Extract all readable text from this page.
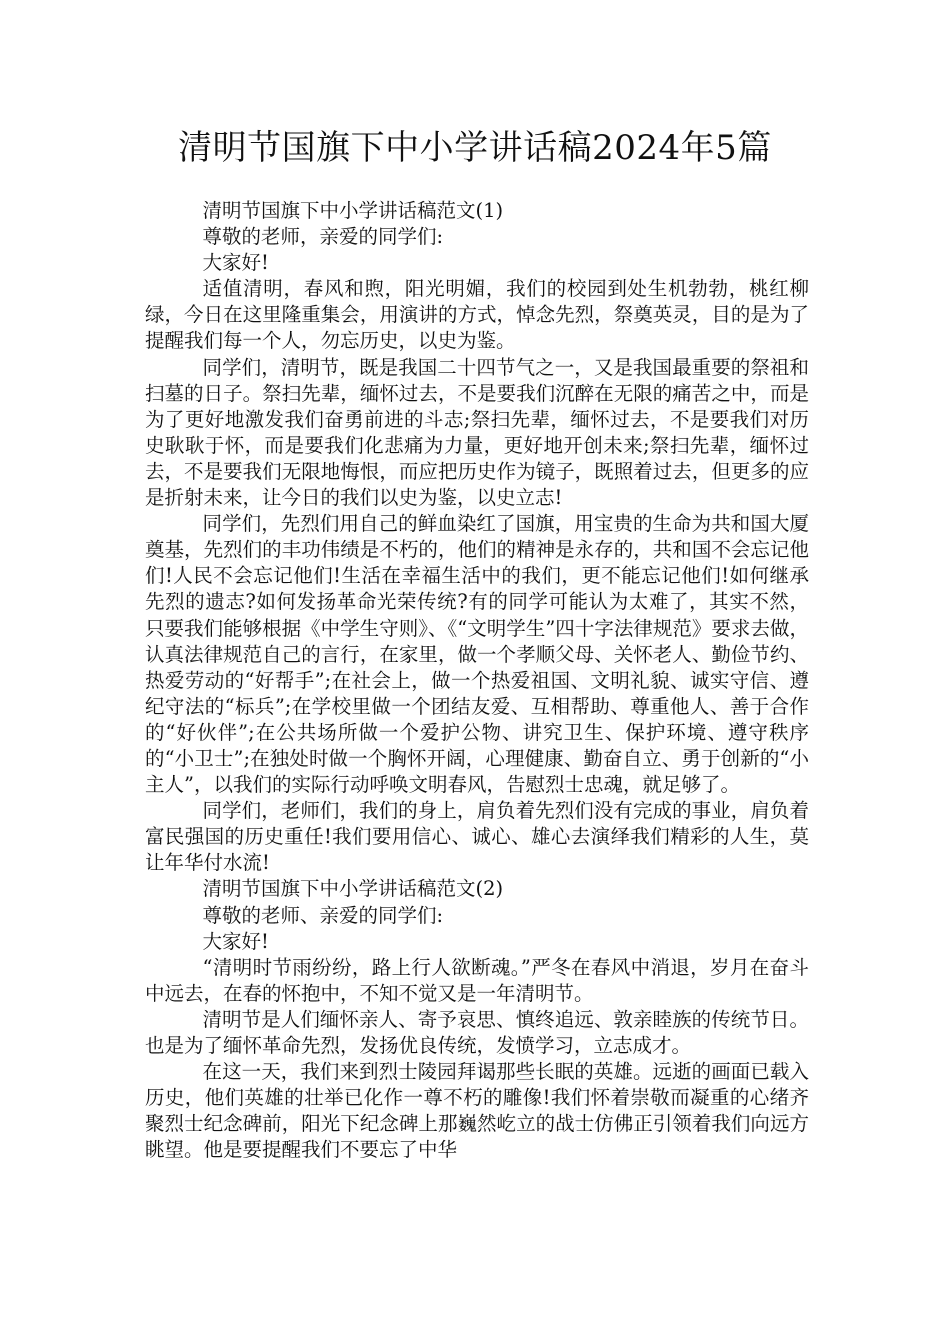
清明节国旗下中小学讲话稿2024年5篇

清明节国旗下中小学讲话稿范文(1)

尊敬的老师，亲爱的同学们:

大家好!

适值清明，春风和煦，阳光明媚，我们的校园到处生机勃勃，桃红柳绿，今日在这里隆重集会，用演讲的方式，悼念先烈，祭奠英灵，目的是为了提醒我们每一个人，勿忘历史，以史为鉴。

同学们，清明节，既是我国二十四节气之一，又是我国最重要的祭祖和扫墓的日子。祭扫先辈，缅怀过去，不是要我们沉醉在无限的痛苦之中，而是为了更好地激发我们奋勇前进的斗志;祭扫先辈，缅怀过去，不是要我们对历史耿耿于怀，而是要我们化悲痛为力量，更好地开创未来;祭扫先辈，缅怀过去，不是要我们无限地悔恨，而应把历史作为镜子，既照着过去，但更多的应是折射未来，让今日的我们以史为鉴，以史立志!

同学们，先烈们用自己的鲜血染红了国旗，用宝贵的生命为共和国大厦奠基，先烈们的丰功伟绩是不朽的，他们的精神是永存的，共和国不会忘记他们!人民不会忘记他们!生活在幸福生活中的我们，更不能忘记他们!如何继承先烈的遗志?如何发扬革命光荣传统?有的同学可能认为太难了，其实不然，只要我们能够根据《中学生守则》、《“文明学生”四十字法律规范》要求去做，认真法律规范自己的言行，在家里，做一个孝顺父母、关怀老人、勤俭节约、热爱劳动的“好帮手”;在社会上，做一个热爱祖国、文明礼貌、诚实守信、遵纪守法的“标兵”;在学校里做一个团结友爱、互相帮助、尊重他人、善于合作的“好伙伴”;在公共场所做一个爱护公物、讲究卫生、保护环境、遵守秩序的“小卫士”;在独处时做一个胸怀开阔，心理健康、勤奋自立、勇于创新的“小主人”，以我们的实际行动呼唤文明春风，告慰烈士忠魂，就足够了。

同学们，老师们，我们的身上，肩负着先烈们没有完成的事业，肩负着富民强国的历史重任!我们要用信心、诚心、雄心去演绎我们精彩的人生，莫让年华付水流!

清明节国旗下中小学讲话稿范文(2)

尊敬的老师、亲爱的同学们:

大家好!

“清明时节雨纷纷，路上行人欲断魂。”严冬在春风中消退，岁月在奋斗中远去，在春的怀抱中，不知不觉又是一年清明节。

清明节是人们缅怀亲人、寄予哀思、慎终追远、敦亲睦族的传统节日。也是为了缅怀革命先烈，发扬优良传统，发愤学习，立志成才。

在这一天，我们来到烈士陵园拜谒那些长眠的英雄。远逝的画面已载入历史，他们英雄的壮举已化作一尊不朽的雕像!我们怀着崇敬而凝重的心绪齐聚烈士纪念碑前，阳光下纪念碑上那巍然屹立的战士仿佛正引领着我们向远方眺望。他是要提醒我们不要忘了中华
